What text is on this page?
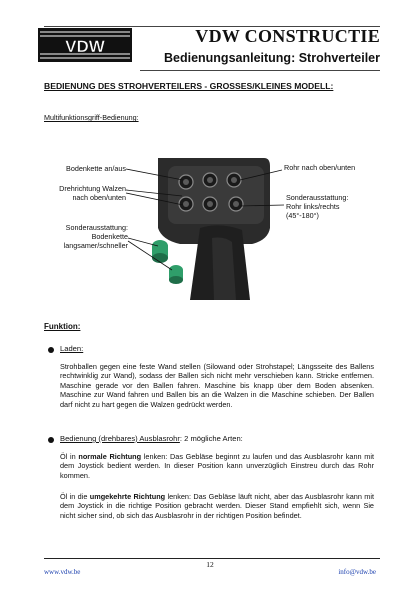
VDW
VDW CONSTRUCTIE
Bedienungsanleitung: Strohverteiler
BEDIENUNG DES STROHVERTEILERS - GROSSES/KLEINES MODELL:
Multifunktionsgriff-Bedienung:
Bodenkette an/aus
Drehrichtung Walzen
nach oben/unten
Sonderausstattung:
Bodenkette
langsamer/schneller
Rohr nach oben/unten
Sonderausstattung:
Rohr links/rechts
(45°-180°)
Funktion:
Laden:
Strohballen gegen eine feste Wand stellen (Silowand oder Strohstapel; Längsseite des Ballens rechtwinklig zur Wand), sodass der Ballen sich nicht mehr verschieben kann. Stricke entfernen. Maschine gerade vor den Ballen fahren. Maschine bis knapp über dem Boden absenken. Maschine zur Wand fahren und Ballen bis an die Walzen in die Maschine schieben. Der Ballen darf nicht zu hart gegen die Walzen gedrückt werden.
Bedienung (drehbares) Ausblasrohr: 2 mögliche Arten:
Öl in normale Richtung lenken: Das Gebläse beginnt zu laufen und das Ausblasrohr kann mit dem Joystick bedient werden. In dieser Position kann unverzüglich Einstreu durch das Rohr kommen.
Öl in die umgekehrte Richtung lenken: Das Gebläse läuft nicht, aber das Ausblasrohr kann mit dem Joystick in die richtige Position gebracht werden. Dieser Stand empfiehlt sich, wenn Sie nicht sicher sind, ob sich das Ausblasrohr in der richtigen Position befindet.
12
www.vdw.be	info@vdw.be
